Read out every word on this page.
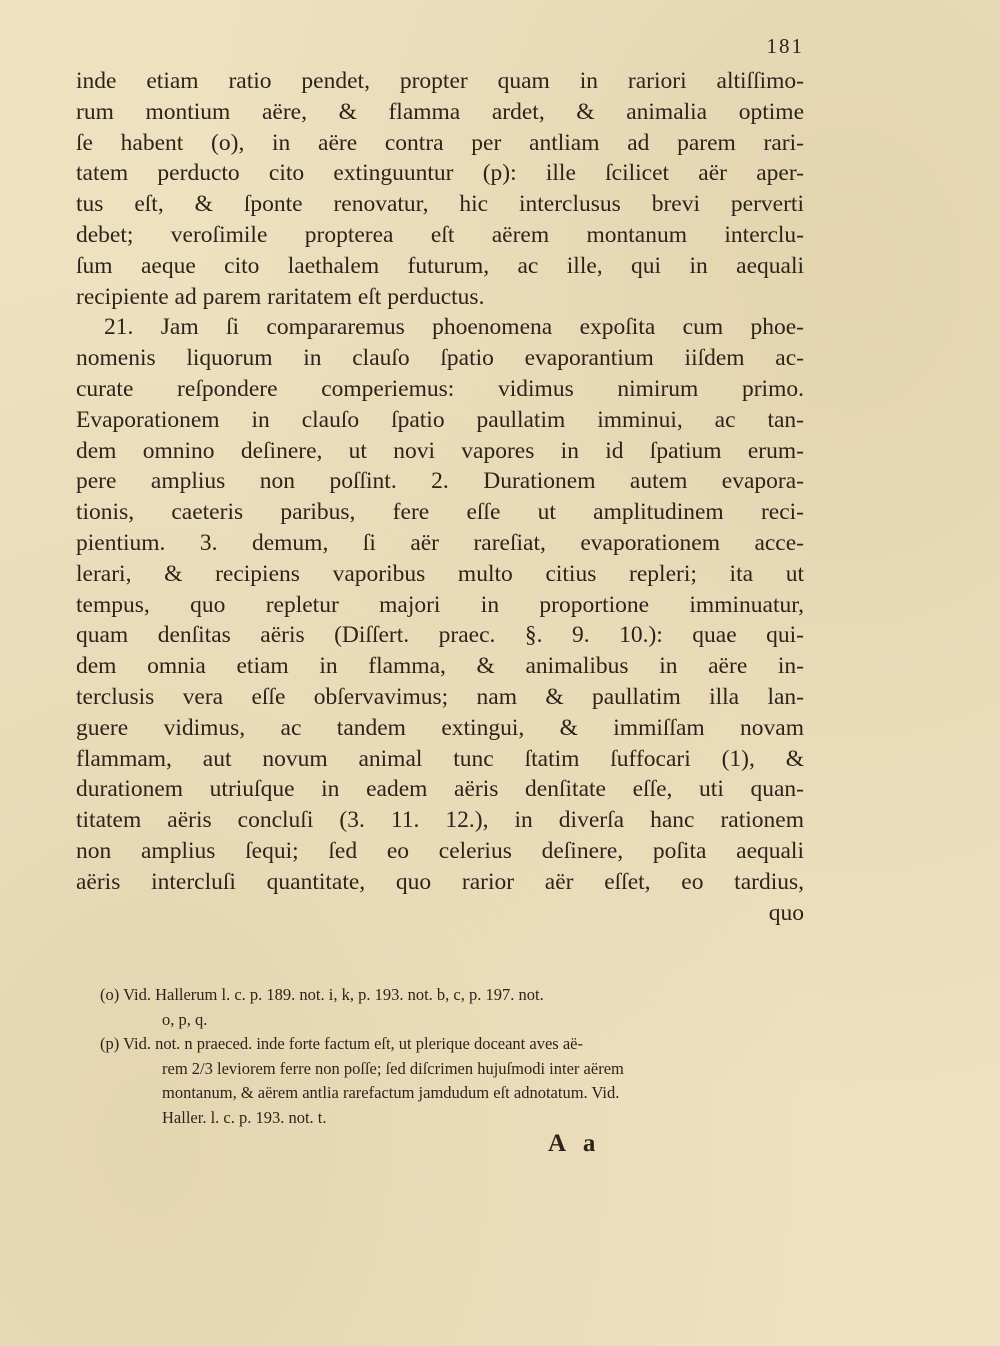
181
inde etiam ratio pendet, propter quam in rariori altiſſimo-
rum montium aëre, & flamma ardet, & animalia optime
ſe habent (o), in aëre contra per antliam ad parem rari-
tatem perducto cito extinguuntur (p): ille ſcilicet aër aper-
tus eſt, & ſponte renovatur, hic interclusus brevi perverti
debet; veroſimile propterea eſt aërem montanum interclu-
ſum aeque cito laethalem futurum, ac ille, qui in aequali
recipiente ad parem raritatem eſt perductus.
21. Jam ſi compararemus phoenomena expoſita cum phoe-
nomenis liquorum in clauſo ſpatio evaporantium iiſdem ac-
curate reſpondere comperiemus: vidimus nimirum primo.
Evaporationem in clauſo ſpatio paullatim imminui, ac tan-
dem omnino deſinere, ut novi vapores in id ſpatium erum-
pere amplius non poſſint. 2. Durationem autem evapora-
tionis, caeteris paribus, fere eſſe ut amplitudinem reci-
pientium. 3. demum, ſi aër rareſiat, evaporationem acce-
lerari, & recipiens vaporibus multo citius repleri; ita ut
tempus, quo repletur majori in proportione imminuatur,
quam denſitas aëris (Diſſert. praec. §. 9. 10.): quae qui-
dem omnia etiam in flamma, & animalibus in aëre in-
terclusis vera eſſe obſervavimus; nam & paullatim illa lan-
guere vidimus, ac tandem extingui, & immiſſam novam
flammam, aut novum animal tunc ſtatim ſuffocari (1), &
durationem utriuſque in eadem aëris denſitate eſſe, uti quan-
titatem aëris concluſi (3. 11. 12.), in diverſa hanc rationem
non amplius ſequi; ſed eo celerius deſinere, poſita aequali
aëris intercluſi quantitate, quo rarior aër eſſet, eo tardius,
quo
(o) Vid. Hallerum l. c. p. 189. not. i, k, p. 193. not. b, c, p. 197. not.
o, p, q.
(p) Vid. not. n praeced. inde forte factum eſt, ut plerique doceant aves aë-
rem 2/3 leviorem ferre non poſſe; ſed diſcrimen hujuſmodi inter aërem
montanum, & aërem antlia rarefactum jamdudum eſt adnotatum. Vid.
Haller. l. c. p. 193. not. t.
A a
